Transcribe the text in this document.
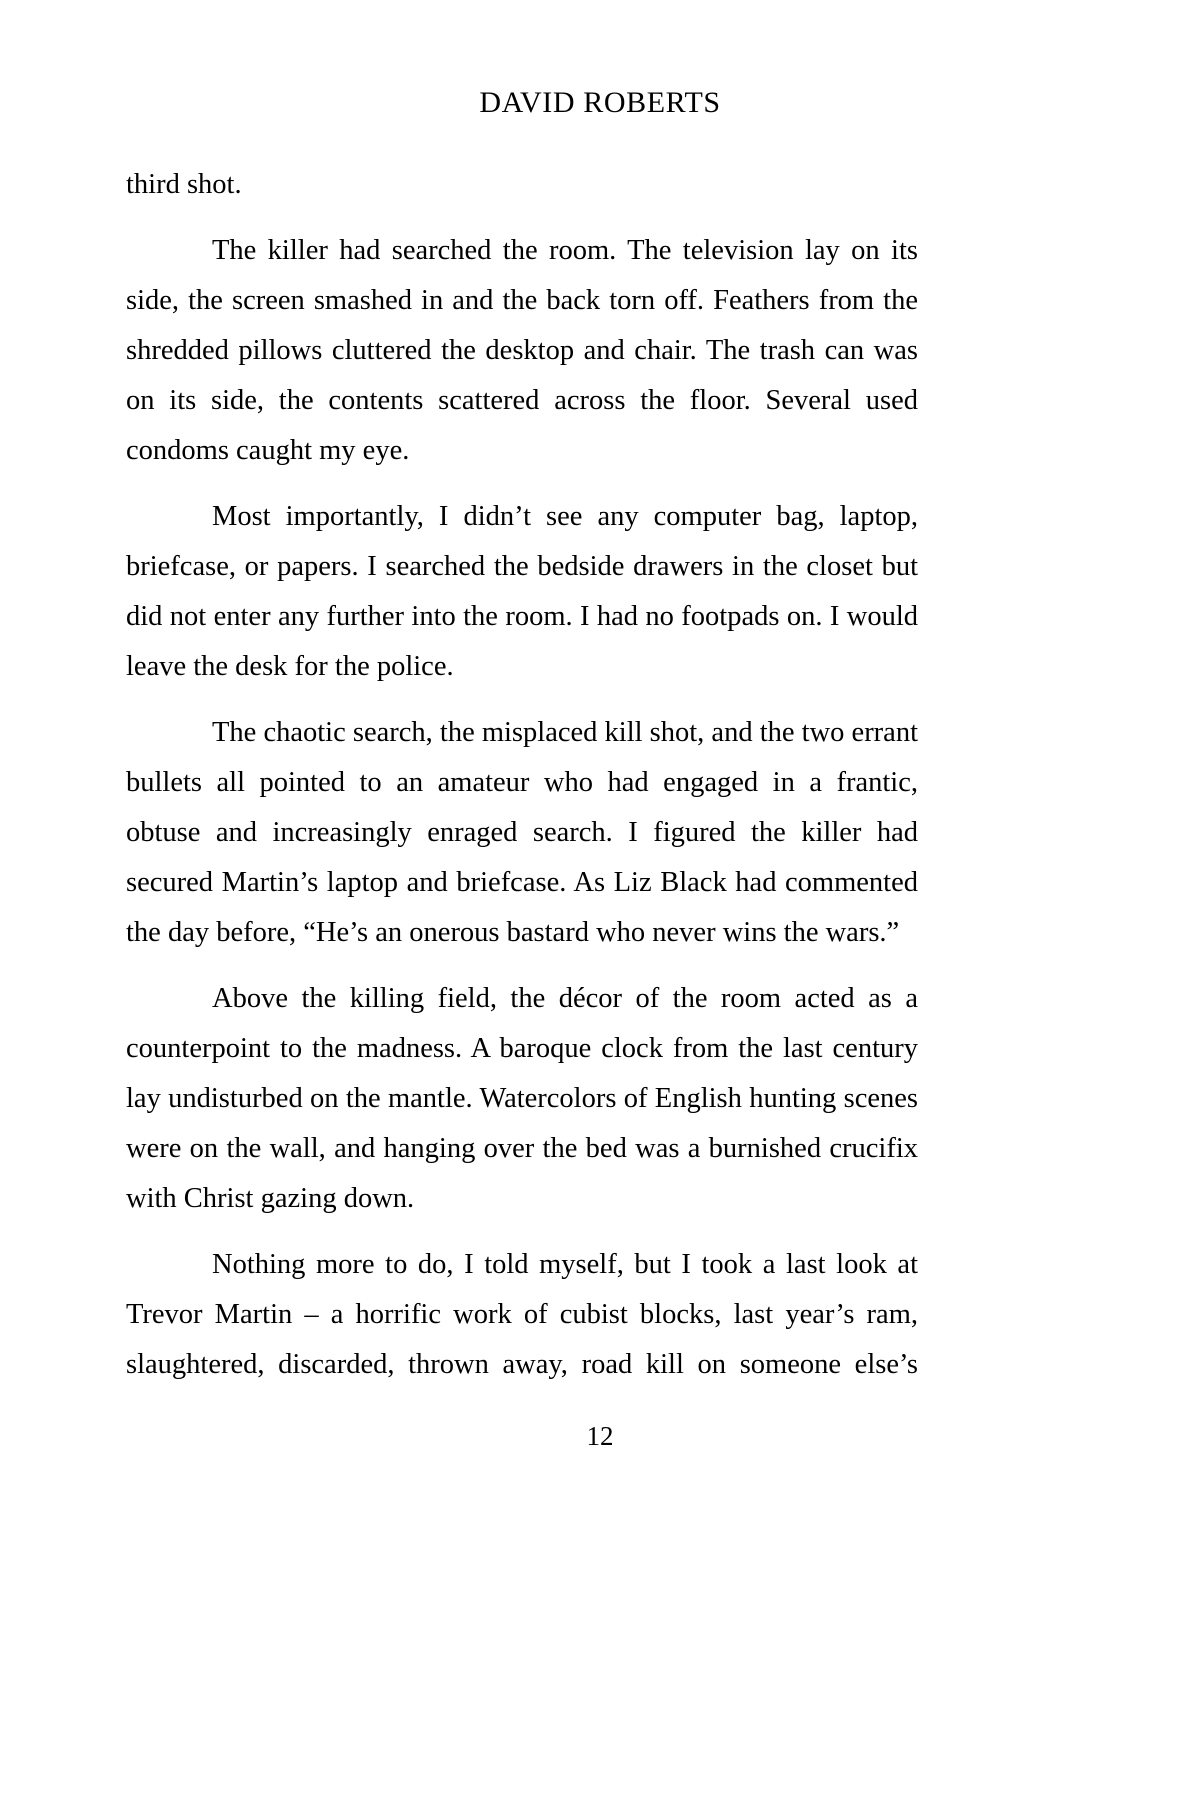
DAVID ROBERTS

third shot.

The killer had searched the room. The television lay on its side, the screen smashed in and the back torn off. Feathers from the shredded pillows cluttered the desktop and chair. The trash can was on its side, the contents scattered across the floor. Several used condoms caught my eye.

Most importantly, I didn’t see any computer bag, laptop, briefcase, or papers. I searched the bedside drawers in the closet but did not enter any further into the room. I had no footpads on. I would leave the desk for the police.

The chaotic search, the misplaced kill shot, and the two errant bullets all pointed to an amateur who had engaged in a frantic, obtuse and increasingly enraged search. I figured the killer had secured Martin’s laptop and briefcase. As Liz Black had commented the day before, “He’s an onerous bastard who never wins the wars.”

Above the killing field, the décor of the room acted as a counterpoint to the madness. A baroque clock from the last century lay undisturbed on the mantle. Watercolors of English hunting scenes were on the wall, and hanging over the bed was a burnished crucifix with Christ gazing down.

Nothing more to do, I told myself, but I took a last look at Trevor Martin – a horrific work of cubist blocks, last year’s ram, slaughtered, discarded, thrown away, road kill on someone else’s

12
